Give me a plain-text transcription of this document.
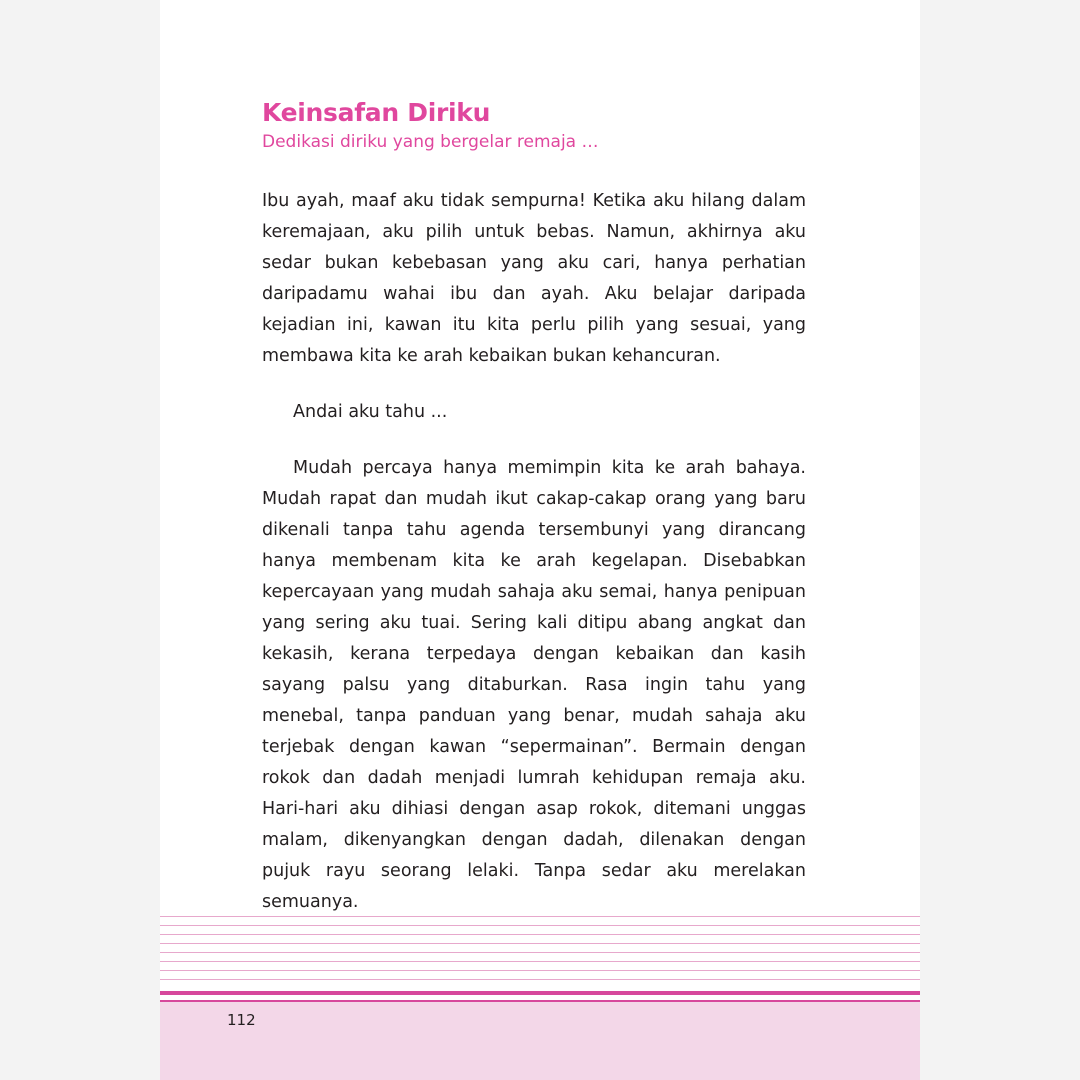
Keinsafan Diriku
Dedikasi diriku yang bergelar remaja …

Ibu ayah, maaf aku tidak sempurna! Ketika aku hilang dalam keremajaan, aku pilih untuk bebas. Namun, akhirnya aku sedar bukan kebebasan yang aku cari, hanya perhatian daripadamu wahai ibu dan ayah. Aku belajar daripada kejadian ini, kawan itu kita perlu pilih yang sesuai, yang membawa kita ke arah kebaikan bukan kehancuran.

Andai aku tahu ...

Mudah percaya hanya memimpin kita ke arah bahaya. Mudah rapat dan mudah ikut cakap-cakap orang yang baru dikenali tanpa tahu agenda tersembunyi yang dirancang hanya membenam kita ke arah kegelapan. Disebabkan kepercayaan yang mudah sahaja aku semai, hanya penipuan yang sering aku tuai. Sering kali ditipu abang angkat dan kekasih, kerana terpedaya dengan kebaikan dan kasih sayang palsu yang ditaburkan. Rasa ingin tahu yang menebal, tanpa panduan yang benar, mudah sahaja aku terjebak dengan kawan “sepermainan”. Bermain dengan rokok dan dadah menjadi lumrah kehidupan remaja aku. Hari-hari aku dihiasi dengan asap rokok, ditemani unggas malam, dikenyangkan dengan dadah, dilenakan dengan pujuk rayu seorang lelaki. Tanpa sedar aku merelakan semuanya.

112
